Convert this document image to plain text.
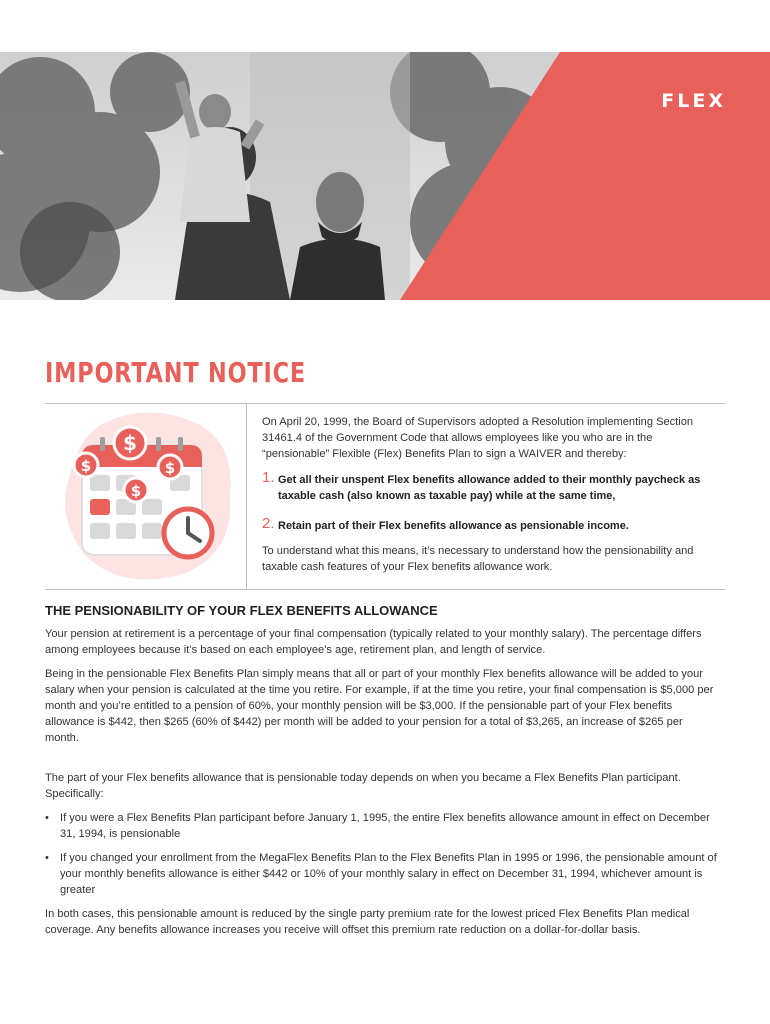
FLEX
IMPORTANT NOTICE
$
$	$
$
On April 20, 1999, the Board of Supervisors adopted a Resolution implementing Section 31461.4 of the Government Code that allows employees like you who are in the “pensionable” Flexible (Flex) Benefits Plan to sign a WAIVER and thereby:
1. Get all their unspent Flex benefits allowance added to their monthly paycheck as taxable cash (also known as taxable pay) while at the same time,
2. Retain part of their Flex benefits allowance as pensionable income.
To understand what this means, it’s necessary to understand how the pensionability and taxable cash features of your Flex benefits allowance work.
THE PENSIONABILITY OF YOUR FLEX BENEFITS ALLOWANCE
Your pension at retirement is a percentage of your final compensation (typically related to your monthly salary). The percentage differs among employees because it’s based on each employee’s age, retirement plan, and length of service.
Being in the pensionable Flex Benefits Plan simply means that all or part of your monthly Flex benefits allowance will be added to your salary when your pension is calculated at the time you retire. For example, if at the time you retire, your final compensation is $5,000 per month and you’re entitled to a pension of 60%, your monthly pension will be $3,000. If the pensionable part of your Flex benefits allowance is $442, then $265 (60% of $442) per month will be added to your pension for a total of $3,265, an increase of $265 per month.
The part of your Flex benefits allowance that is pensionable today depends on when you became a Flex Benefits Plan participant. Specifically:
•	If you were a Flex Benefits Plan participant before January 1, 1995, the entire Flex benefits allowance amount in effect on December 31, 1994, is pensionable
•	If you changed your enrollment from the MegaFlex Benefits Plan to the Flex Benefits Plan in 1995 or 1996, the pensionable amount of your monthly benefits allowance is either $442 or 10% of your monthly salary in effect on December 31, 1994, whichever amount is greater
In both cases, this pensionable amount is reduced by the single party premium rate for the lowest priced Flex Benefits Plan medical coverage. Any benefits allowance increases you receive will offset this premium rate reduction on a dollar-for-dollar basis.
